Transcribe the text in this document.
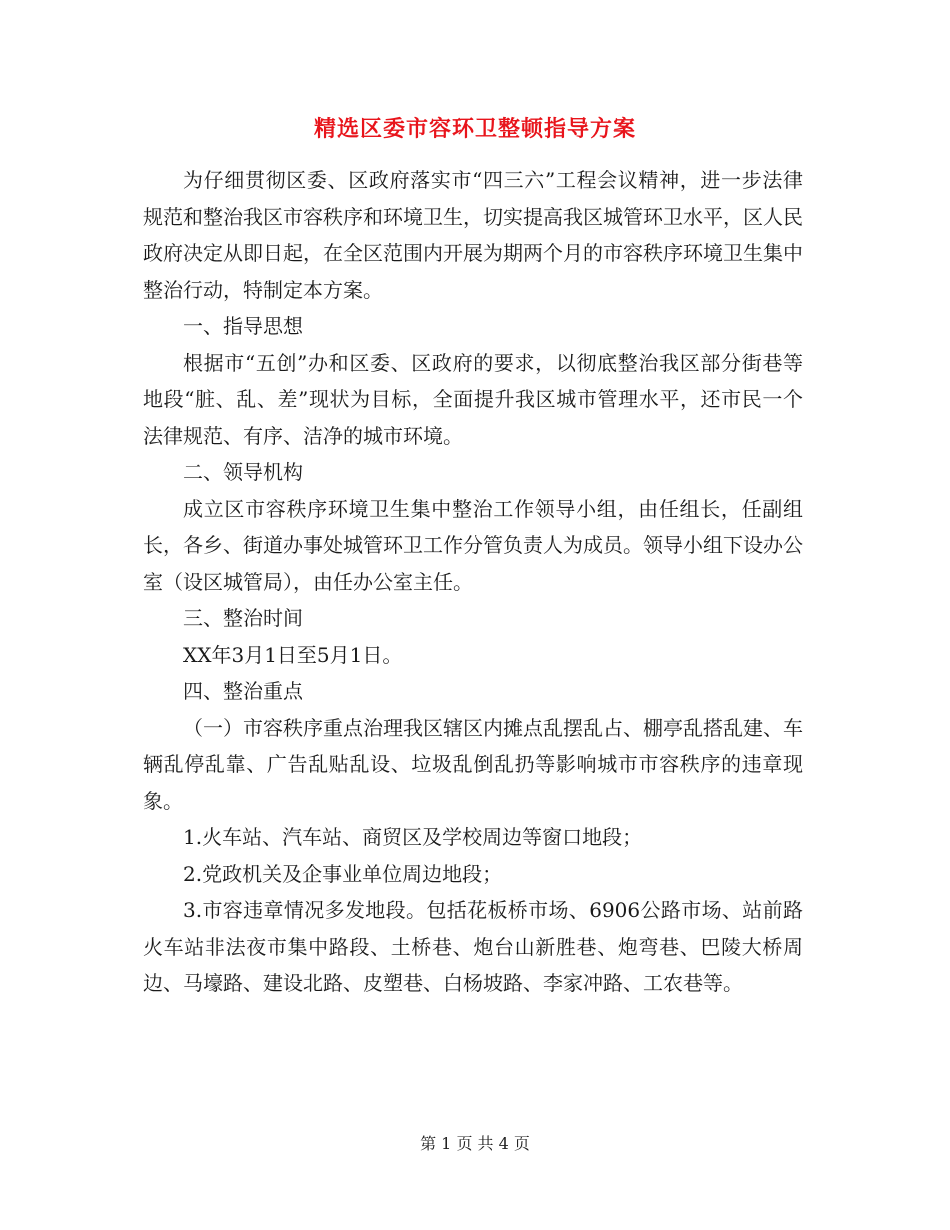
精选区委市容环卫整顿指导方案

为仔细贯彻区委、区政府落实市“四三六”工程会议精神，进一步法律规范和整治我区市容秩序和环境卫生，切实提高我区城管环卫水平，区人民政府决定从即日起，在全区范围内开展为期两个月的市容秩序环境卫生集中整治行动，特制定本方案。

一、指导思想

根据市“五创”办和区委、区政府的要求，以彻底整治我区部分街巷等地段“脏、乱、差”现状为目标，全面提升我区城市管理水平，还市民一个法律规范、有序、洁净的城市环境。

二、领导机构

成立区市容秩序环境卫生集中整治工作领导小组，由任组长，任副组长，各乡、街道办事处城管环卫工作分管负责人为成员。领导小组下设办公室（设区城管局），由任办公室主任。

三、整治时间

XX年3月1日至5月1日。

四、整治重点

（一）市容秩序重点治理我区辖区内摊点乱摆乱占、棚亭乱搭乱建、车辆乱停乱靠、广告乱贴乱设、垃圾乱倒乱扔等影响城市市容秩序的违章现象。

1.火车站、汽车站、商贸区及学校周边等窗口地段；

2.党政机关及企事业单位周边地段；

3.市容违章情况多发地段。包括花板桥市场、6906公路市场、站前路火车站非法夜市集中路段、土桥巷、炮台山新胜巷、炮弯巷、巴陵大桥周边、马壕路、建设北路、皮塑巷、白杨坡路、李家冲路、工农巷等。

第 1 页 共 4 页
